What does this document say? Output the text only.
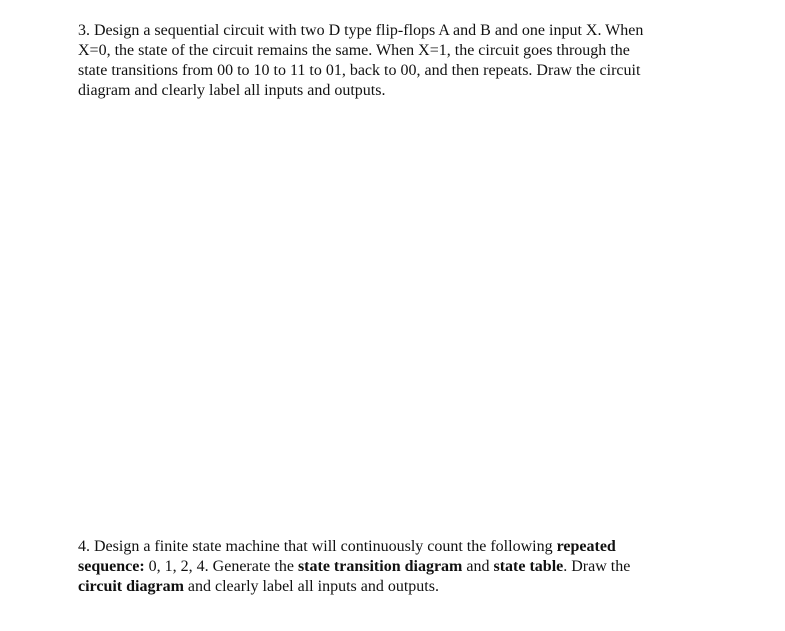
3. Design a sequential circuit with two D type flip-flops A and B and one input X. When
X=0, the state of the circuit remains the same. When X=1, the circuit goes through the
state transitions from 00 to 10 to 11 to 01, back to 00, and then repeats. Draw the circuit
diagram and clearly label all inputs and outputs.
4. Design a finite state machine that will continuously count the following repeated
sequence: 0, 1, 2, 4. Generate the state transition diagram and state table. Draw the
circuit diagram and clearly label all inputs and outputs.
